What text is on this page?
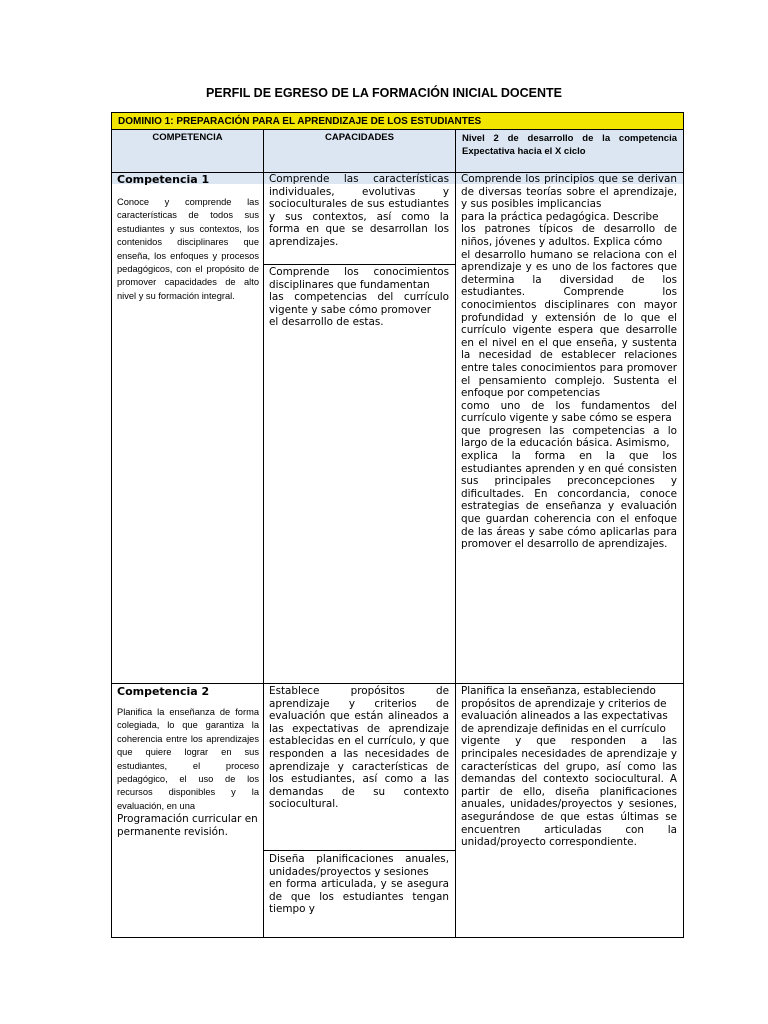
PERFIL DE EGRESO DE LA FORMACIÓN INICIAL DOCENTE
DOMINIO 1: PREPARACIÓN PARA EL APRENDIZAJE DE LOS ESTUDIANTES
COMPETENCIA	CAPACIDADES	Nivel 2 de desarrollo de la competencia Expectativa hacia el X ciclo
Competencia 1
Conoce y comprende las características de todos sus estudiantes y sus contextos, los contenidos disciplinares que enseña, los enfoques y procesos pedagógicos, con el propósito de promover capacidades de alto nivel y su formación integral.
Comprende las características individuales, evolutivas y socioculturales de sus estudiantes y sus contextos, así como la forma en que se desarrollan los aprendizajes.
Comprende los conocimientos disciplinares que fundamentan
las competencias del currículo vigente y sabe cómo promover
el desarrollo de estas.
Comprende los principios que se derivan de diversas teorías sobre el aprendizaje, y sus posibles implicancias
para la práctica pedagógica. Describe
los patrones típicos de desarrollo de niños, jóvenes y adultos. Explica cómo
el desarrollo humano se relaciona con el aprendizaje y es uno de los factores que determina la diversidad de los estudiantes. Comprende los conocimientos disciplinares con mayor profundidad y extensión de lo que el currículo vigente espera que desarrolle en el nivel en el que enseña, y sustenta la necesidad de establecer relaciones entre tales conocimientos para promover el pensamiento complejo. Sustenta el enfoque por competencias
como uno de los fundamentos del currículo vigente y sabe cómo se espera
que progresen las competencias a lo largo de la educación básica. Asimismo,
explica la forma en la que los estudiantes aprenden y en qué consisten sus principales preconcepciones y dificultades. En concordancia, conoce estrategias de enseñanza y evaluación que guardan coherencia con el enfoque de las áreas y sabe cómo aplicarlas para promover el desarrollo de aprendizajes.
Competencia 2
Planifica la enseñanza de forma colegiada, lo que garantiza la coherencia entre los aprendizajes que quiere lograr en sus estudiantes, el proceso pedagógico, el uso de los recursos disponibles y la evaluación, en una
Programación curricular en
permanente revisión.
Establece propósitos de aprendizaje y criterios de evaluación que están alineados a las expectativas de aprendizaje establecidas en el currículo, y que responden a las necesidades de aprendizaje y características de los estudiantes, así como a las demandas de su contexto sociocultural.
Diseña planificaciones anuales, unidades/proyectos y sesiones
en forma articulada, y se asegura de que los estudiantes tengan tiempo y
Planifica la enseñanza, estableciendo
propósitos de aprendizaje y criterios de
evaluación alineados a las expectativas
de aprendizaje definidas en el currículo
vigente y que responden a las principales necesidades de aprendizaje y características del grupo, así como las demandas del contexto sociocultural. A partir de ello, diseña planificaciones anuales, unidades/proyectos y sesiones, asegurándose de que estas últimas se encuentren articuladas con la unidad/proyecto correspondiente.
